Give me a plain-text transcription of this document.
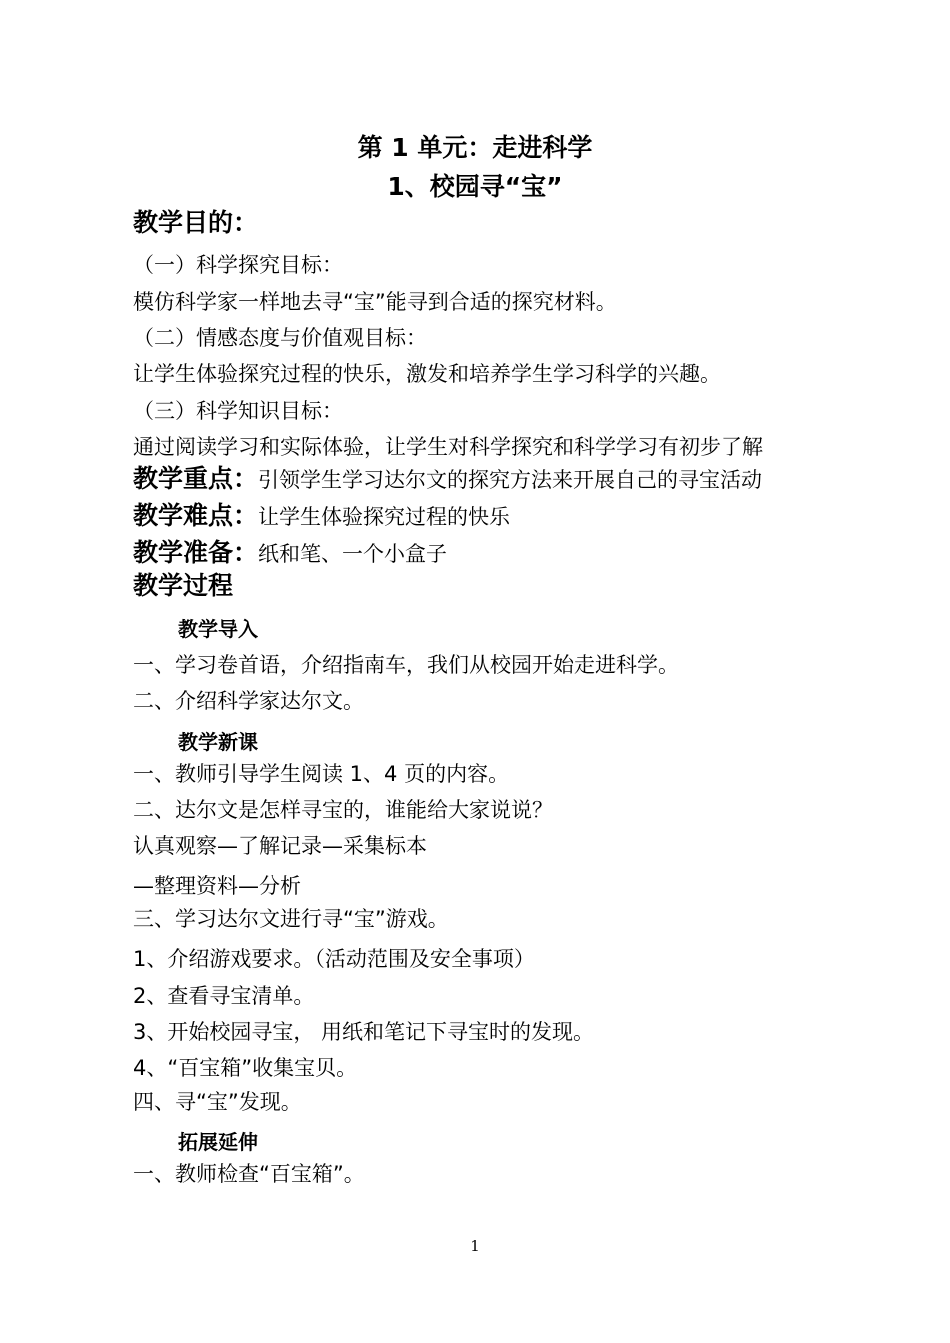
第 1 单元：走进科学
1、校园寻“宝”
教学目的：
（一）科学探究目标：
模仿科学家一样地去寻“宝”能寻到合适的探究材料。
（二）情感态度与价值观目标：
让学生体验探究过程的快乐，激发和培养学生学习科学的兴趣。
（三）科学知识目标：
通过阅读学习和实际体验，让学生对科学探究和科学学习有初步了解
教学重点：引领学生学习达尔文的探究方法来开展自己的寻宝活动
教学难点：让学生体验探究过程的快乐
教学准备：纸和笔、一个小盒子
教学过程
教学导入
一、学习卷首语，介绍指南车，我们从校园开始走进科学。
二、介绍科学家达尔文。
教学新课
一、教师引导学生阅读 1、4 页的内容。
二、达尔文是怎样寻宝的，谁能给大家说说？
认真观察—了解记录—采集标本
—整理资料—分析
三、学习达尔文进行寻“宝”游戏。
1、介绍游戏要求。（活动范围及安全事项）
2、查看寻宝清单。
3、开始校园寻宝， 用纸和笔记下寻宝时的发现。
4、“百宝箱”收集宝贝。
四、寻“宝”发现。
拓展延伸
一、教师检查“百宝箱”。
1
